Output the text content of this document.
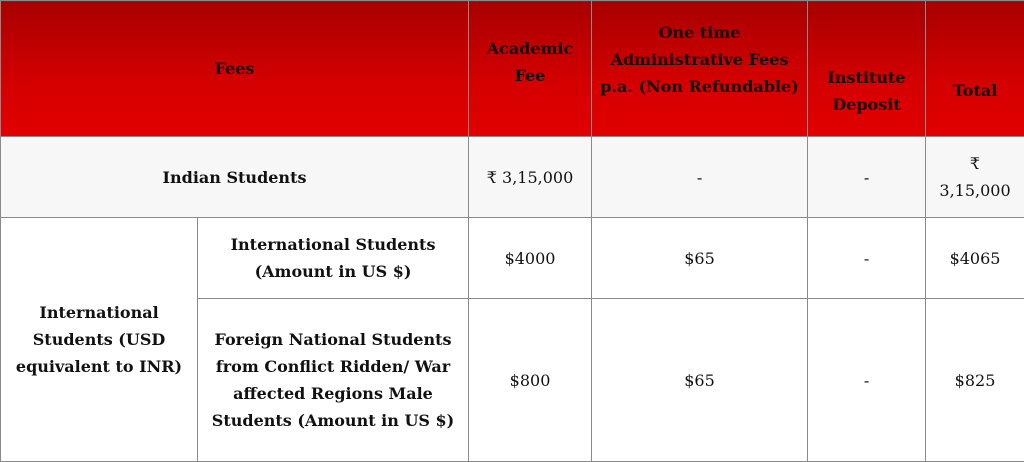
Fees		Academic Fee	One time Administrative Fees p.a. (Non Refundable)	Institute Deposit	Total
Indian Students		₹ 3,15,000	-	-	₹ 3,15,000
International Students (USD equivalent to INR)	International Students (Amount in US $)	$4000	$65	-	$4065
	Foreign National Students from Conflict Ridden/ War affected Regions Male Students (Amount in US $)	$800	$65	-	$825
